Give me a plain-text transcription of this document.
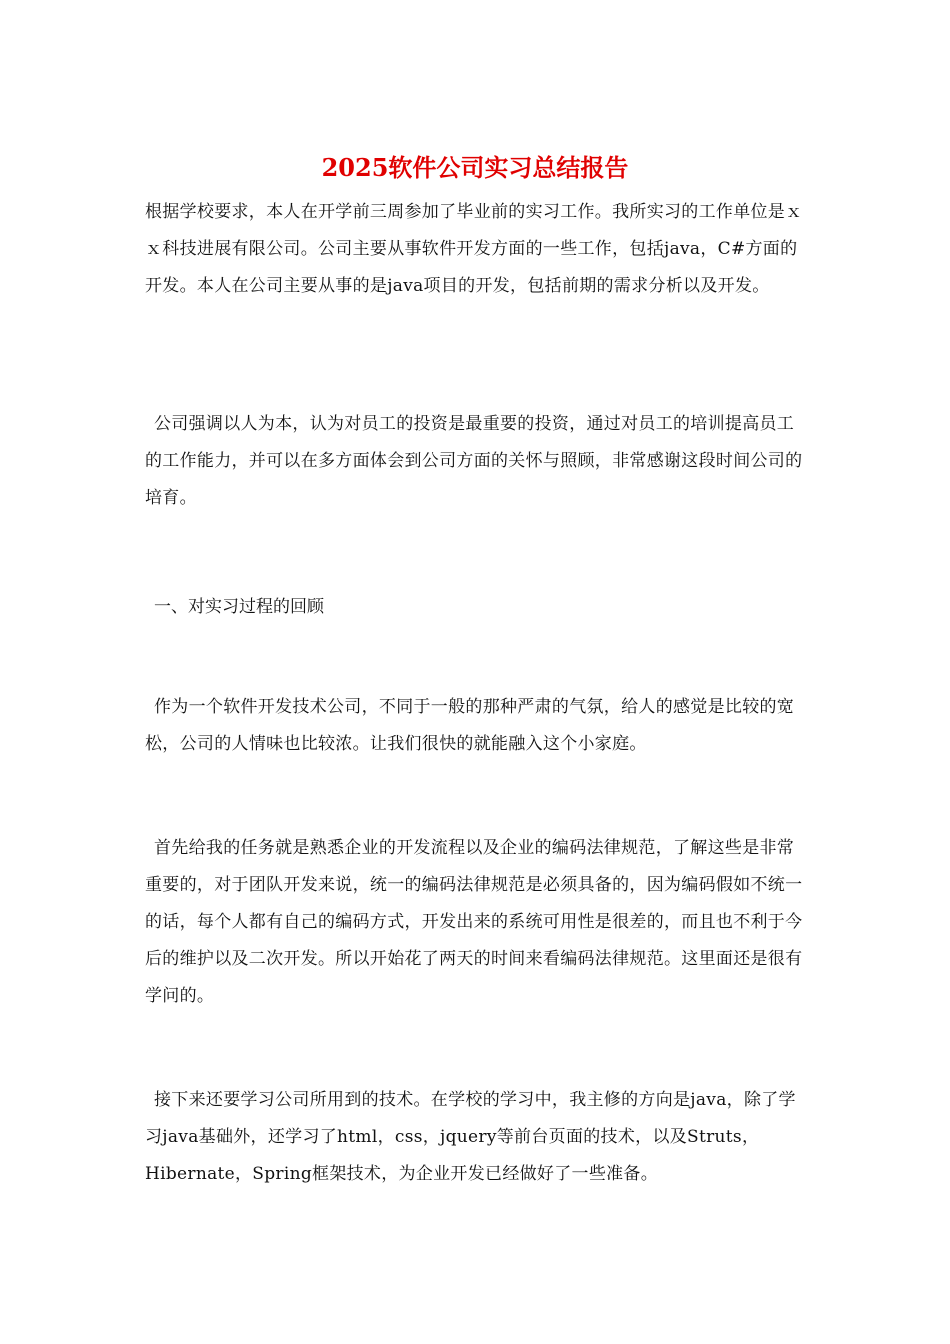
2025软件公司实习总结报告

根据学校要求，本人在开学前三周参加了毕业前的实习工作。我所实习的工作单位是ｘｘ科技进展有限公司。公司主要从事软件开发方面的一些工作，包括java，C#方面的开发。本人在公司主要从事的是java项目的开发，包括前期的需求分析以及开发。

公司强调以人为本，认为对员工的投资是最重要的投资，通过对员工的培训提高员工的工作能力，并可以在多方面体会到公司方面的关怀与照顾，非常感谢这段时间公司的培育。

一、对实习过程的回顾

作为一个软件开发技术公司，不同于一般的那种严肃的气氛，给人的感觉是比较的宽松，公司的人情味也比较浓。让我们很快的就能融入这个小家庭。

首先给我的任务就是熟悉企业的开发流程以及企业的编码法律规范，了解这些是非常重要的，对于团队开发来说，统一的编码法律规范是必须具备的，因为编码假如不统一的话，每个人都有自己的编码方式，开发出来的系统可用性是很差的，而且也不利于今后的维护以及二次开发。所以开始花了两天的时间来看编码法律规范。这里面还是很有学问的。

接下来还要学习公司所用到的技术。在学校的学习中，我主修的方向是java，除了学习java基础外，还学习了html，css，jquery等前台页面的技术，以及Struts，Hibernate，Spring框架技术，为企业开发已经做好了一些准备。
